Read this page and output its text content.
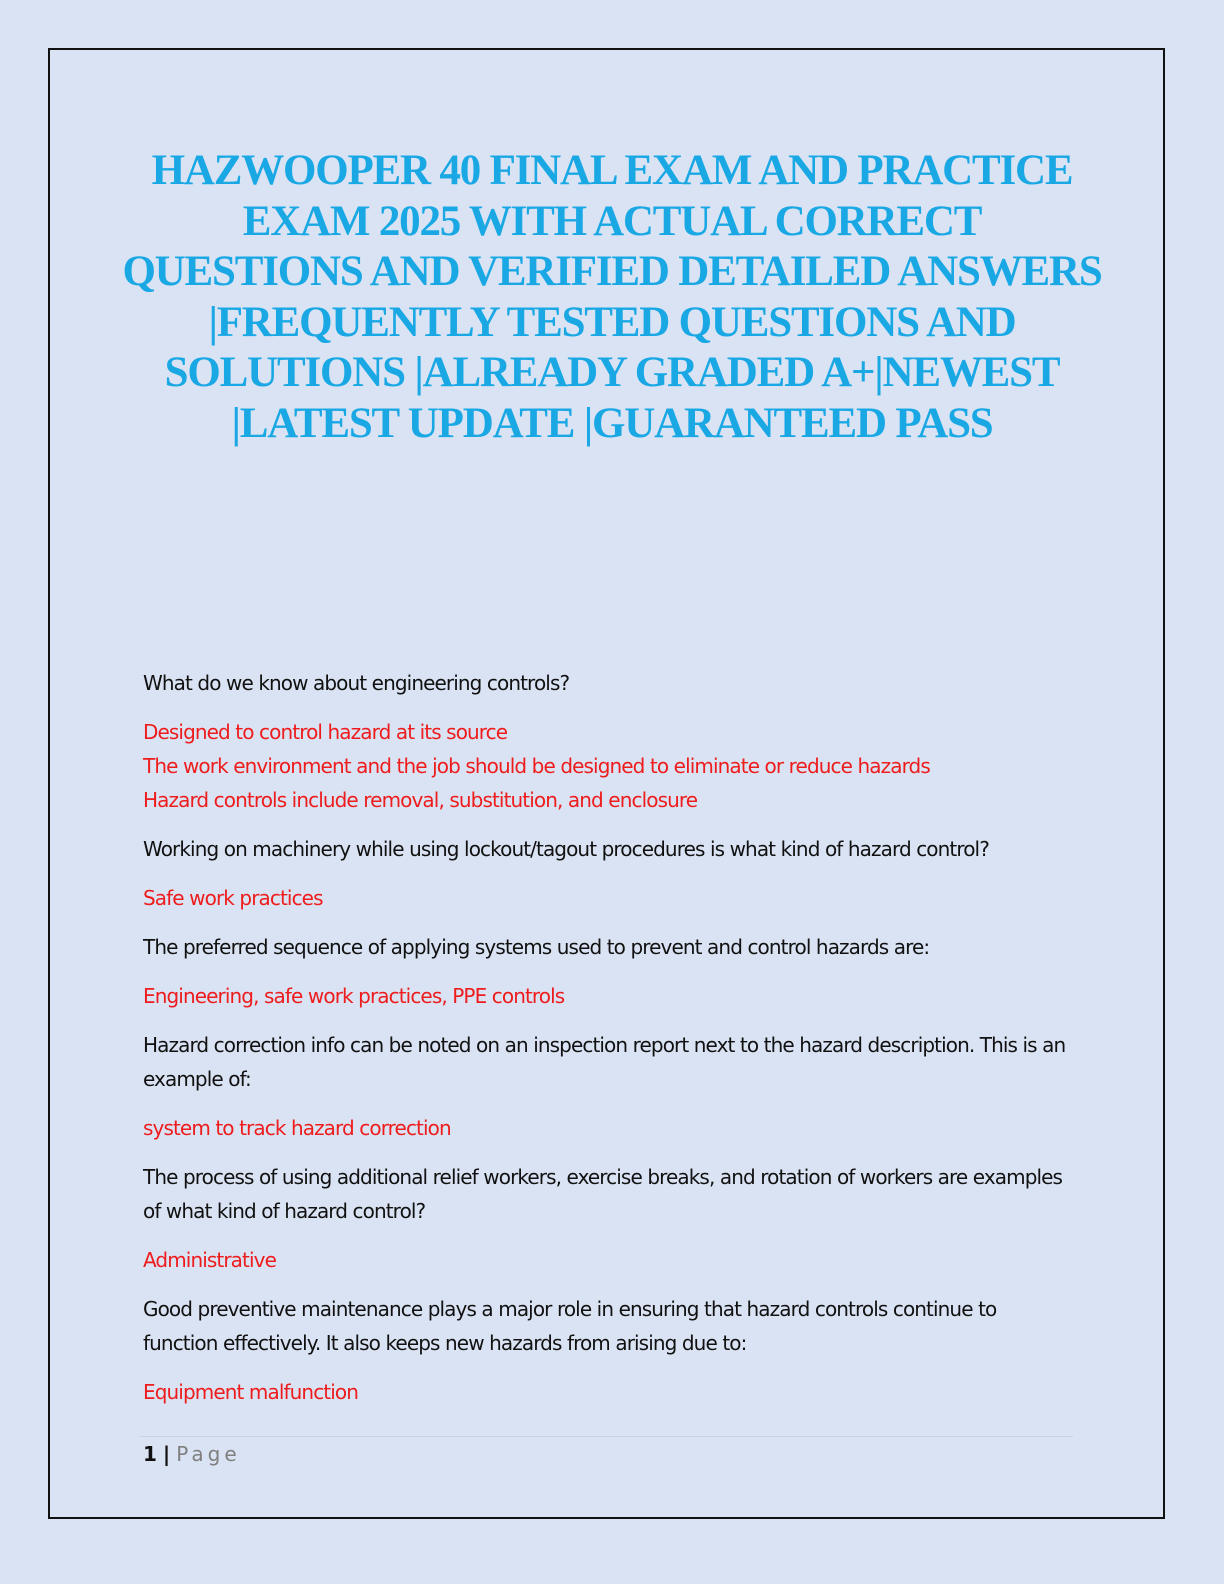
HAZWOOPER 40 FINAL EXAM AND PRACTICE EXAM 2025 WITH ACTUAL CORRECT QUESTIONS AND VERIFIED DETAILED ANSWERS |FREQUENTLY TESTED QUESTIONS AND SOLUTIONS |ALREADY GRADED A+|NEWEST |LATEST UPDATE |GUARANTEED PASS

What do we know about engineering controls?

Designed to control hazard at its source

The work environment and the job should be designed to eliminate or reduce hazards

Hazard controls include removal, substitution, and enclosure

Working on machinery while using lockout/tagout procedures is what kind of hazard control?

Safe work practices

The preferred sequence of applying systems used to prevent and control hazards are:

Engineering, safe work practices, PPE controls

Hazard correction info can be noted on an inspection report next to the hazard description. This is an example of:

system to track hazard correction

The process of using additional relief workers, exercise breaks, and rotation of workers are examples of what kind of hazard control?

Administrative

Good preventive maintenance plays a major role in ensuring that hazard controls continue to function effectively. It also keeps new hazards from arising due to:

Equipment malfunction

1 | Page
